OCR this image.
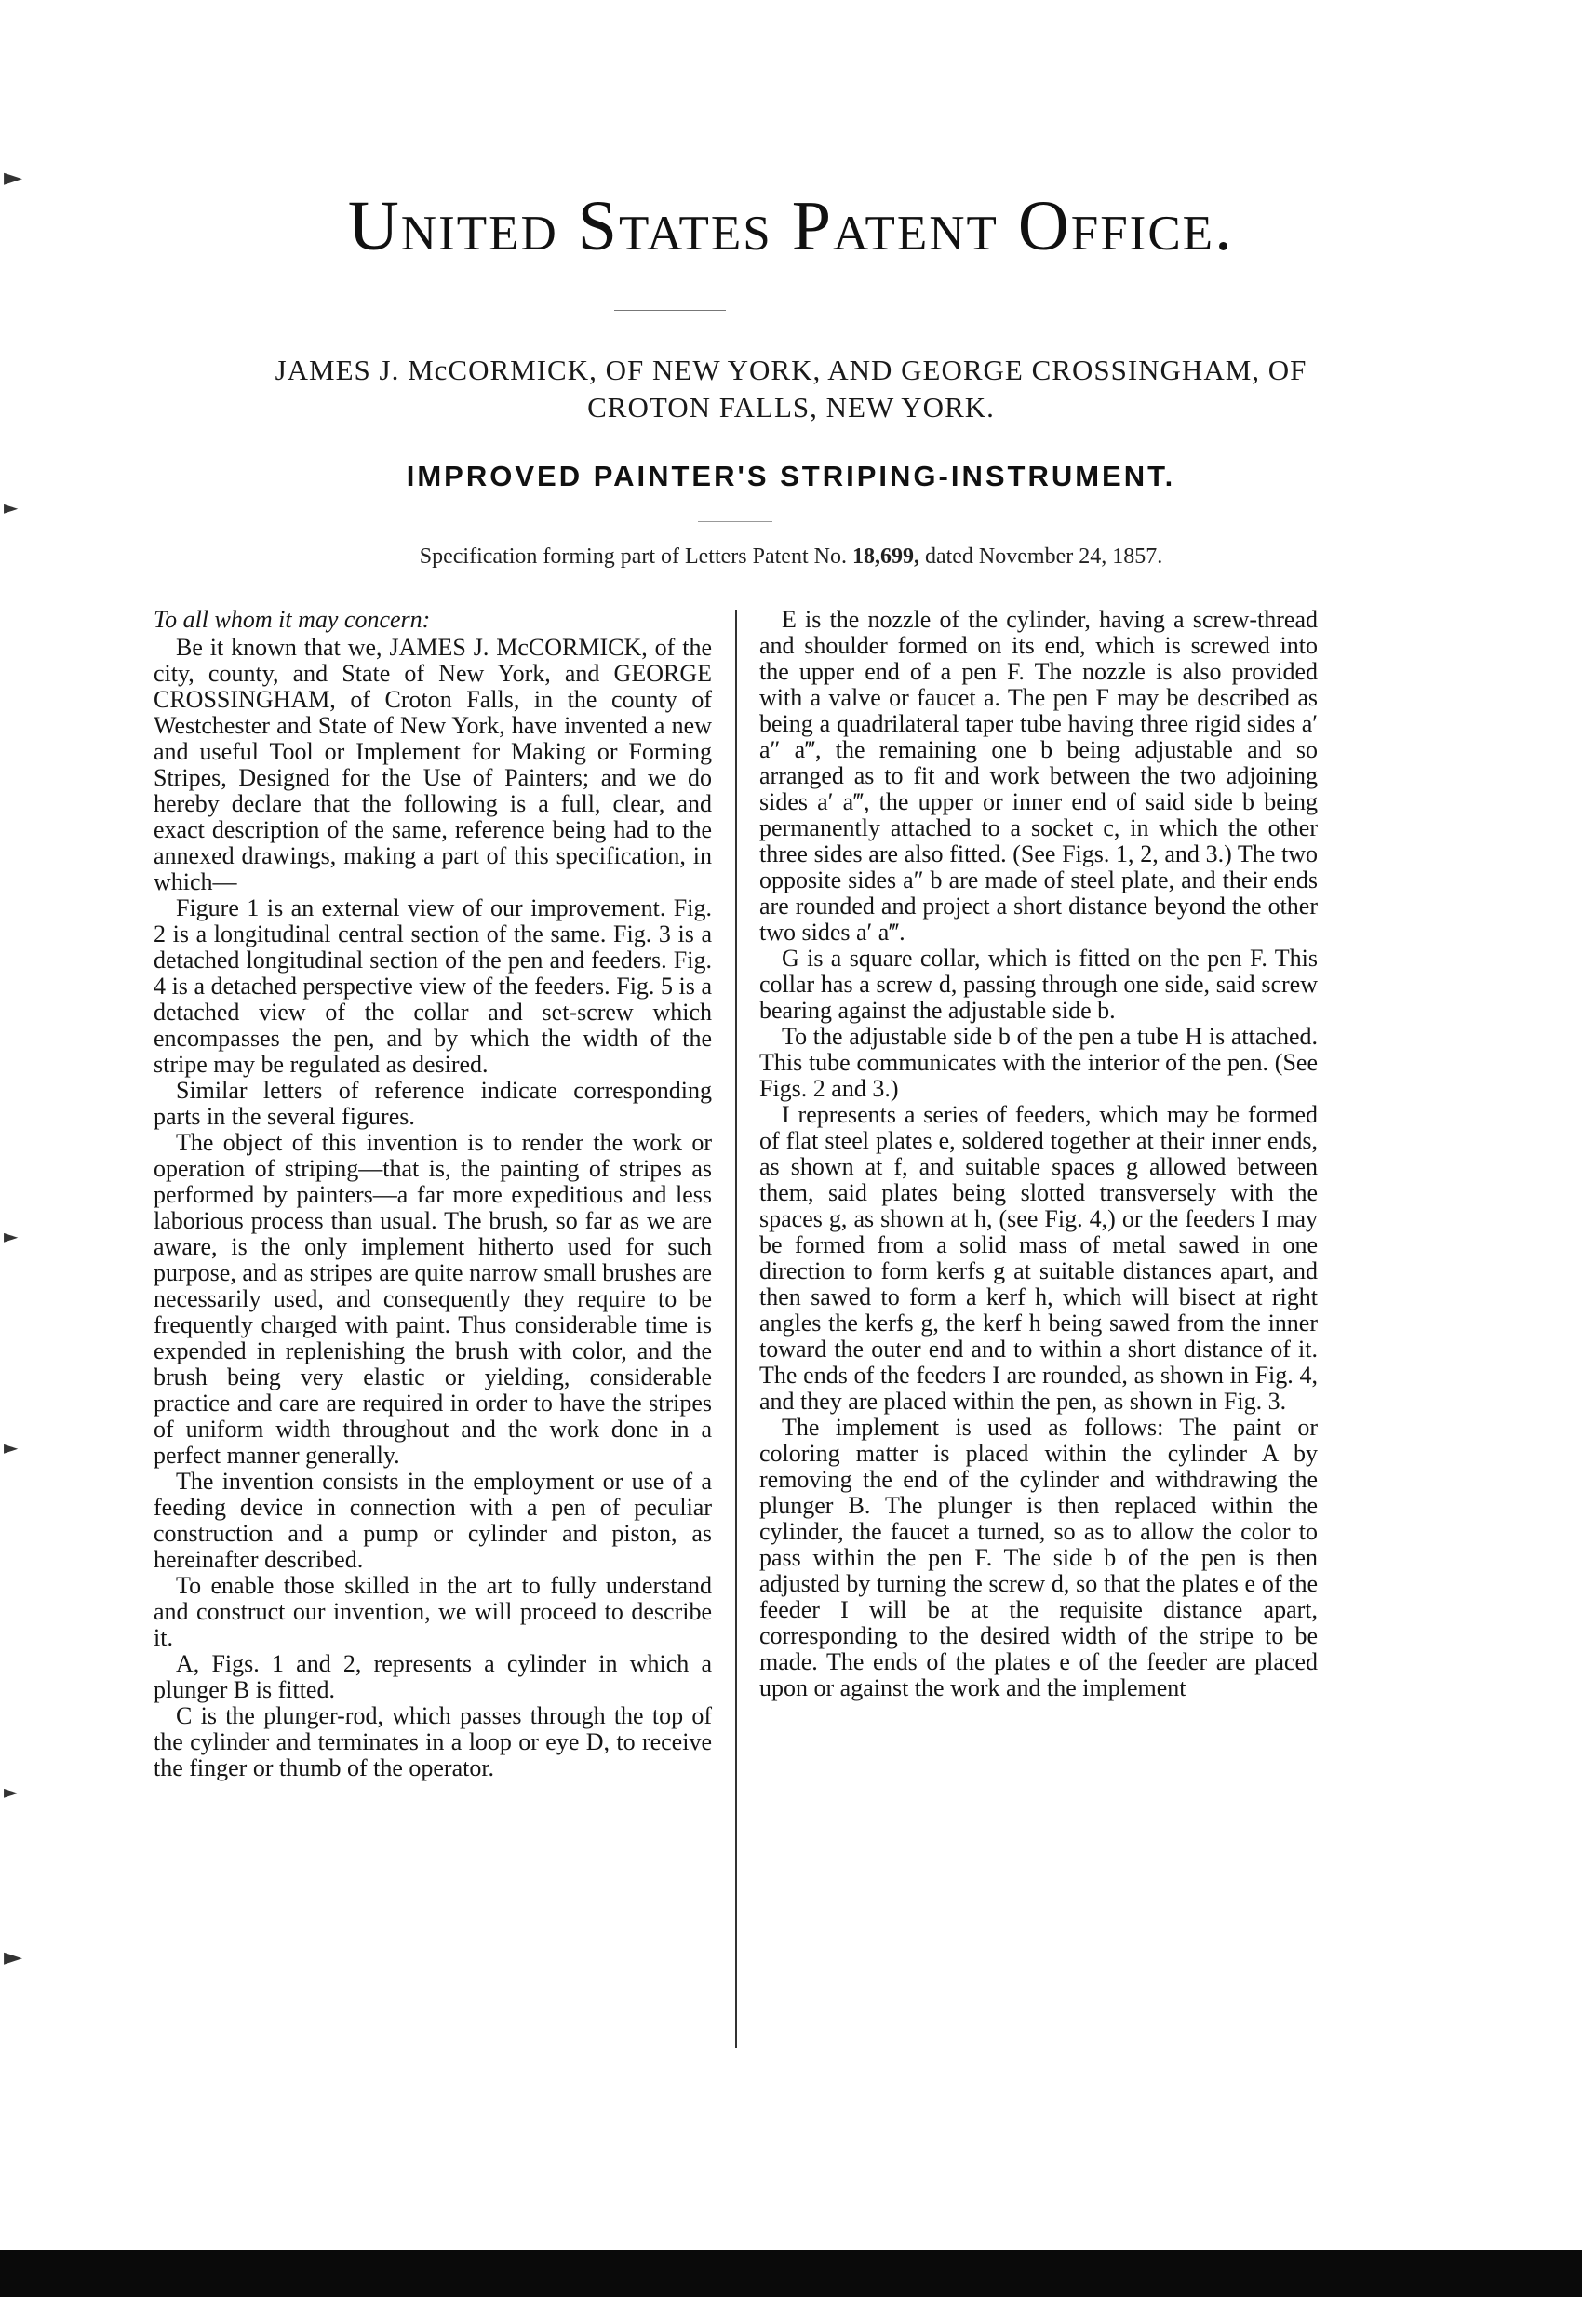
United States Patent Office.
JAMES J. McCORMICK, OF NEW YORK, AND GEORGE CROSSINGHAM, OF
CROTON FALLS, NEW YORK.
IMPROVED PAINTER'S STRIPING-INSTRUMENT.
Specification forming part of Letters Patent No. 18,699, dated November 24, 1857.

To all whom it may concern:

Be it known that we, JAMES J. McCORMICK, of the city, county, and State of New York, and GEORGE CROSSINGHAM, of Croton Falls, in the county of Westchester and State of New York, have invented a new and useful Tool or Implement for Making or Forming Stripes, Designed for the Use of Painters; and we do hereby declare that the following is a full, clear, and exact description of the same, reference being had to the annexed drawings, making a part of this specification, in which—

Figure 1 is an external view of our improvement. Fig. 2 is a longitudinal central section of the same. Fig. 3 is a detached longitudinal section of the pen and feeders. Fig. 4 is a detached perspective view of the feeders. Fig. 5 is a detached view of the collar and set-screw which encompasses the pen, and by which the width of the stripe may be regulated as desired.

Similar letters of reference indicate corresponding parts in the several figures.

The object of this invention is to render the work or operation of striping—that is, the painting of stripes as performed by painters—a far more expeditious and less laborious process than usual. The brush, so far as we are aware, is the only implement hitherto used for such purpose, and as stripes are quite narrow small brushes are necessarily used, and consequently they require to be frequently charged with paint. Thus considerable time is expended in replenishing the brush with color, and the brush being very elastic or yielding, considerable practice and care are required in order to have the stripes of uniform width throughout and the work done in a perfect manner generally.

The invention consists in the employment or use of a feeding device in connection with a pen of peculiar construction and a pump or cylinder and piston, as hereinafter described.

To enable those skilled in the art to fully understand and construct our invention, we will proceed to describe it.

A, Figs. 1 and 2, represents a cylinder in which a plunger B is fitted.

C is the plunger-rod, which passes through the top of the cylinder and terminates in a loop or eye D, to receive the finger or thumb of the operator.

E is the nozzle of the cylinder, having a screw-thread and shoulder formed on its end, which is screwed into the upper end of a pen F. The nozzle is also provided with a valve or faucet a. The pen F may be described as being a quadrilateral taper tube having three rigid sides a′ a″ a‴, the remaining one b being adjustable and so arranged as to fit and work between the two adjoining sides a′ a‴, the upper or inner end of said side b being permanently attached to a socket c, in which the other three sides are also fitted. (See Figs. 1, 2, and 3.) The two opposite sides a″ b are made of steel plate, and their ends are rounded and project a short distance beyond the other two sides a′ a‴.

G is a square collar, which is fitted on the pen F. This collar has a screw d, passing through one side, said screw bearing against the adjustable side b.

To the adjustable side b of the pen a tube H is attached. This tube communicates with the interior of the pen. (See Figs. 2 and 3.)

I represents a series of feeders, which may be formed of flat steel plates e, soldered together at their inner ends, as shown at f, and suitable spaces g allowed between them, said plates being slotted transversely with the spaces g, as shown at h, (see Fig. 4,) or the feeders I may be formed from a solid mass of metal sawed in one direction to form kerfs g at suitable distances apart, and then sawed to form a kerf h, which will bisect at right angles the kerfs g, the kerf h being sawed from the inner toward the outer end and to within a short distance of it. The ends of the feeders I are rounded, as shown in Fig. 4, and they are placed within the pen, as shown in Fig. 3.

The implement is used as follows: The paint or coloring matter is placed within the cylinder A by removing the end of the cylinder and withdrawing the plunger B. The plunger is then replaced within the cylinder, the faucet a turned, so as to allow the color to pass within the pen F. The side b of the pen is then adjusted by turning the screw d, so that the plates e of the feeder I will be at the requisite distance apart, corresponding to the desired width of the stripe to be made. The ends of the plates e of the feeder are placed upon or against the work and the implement

►
►
►
►
►
►
